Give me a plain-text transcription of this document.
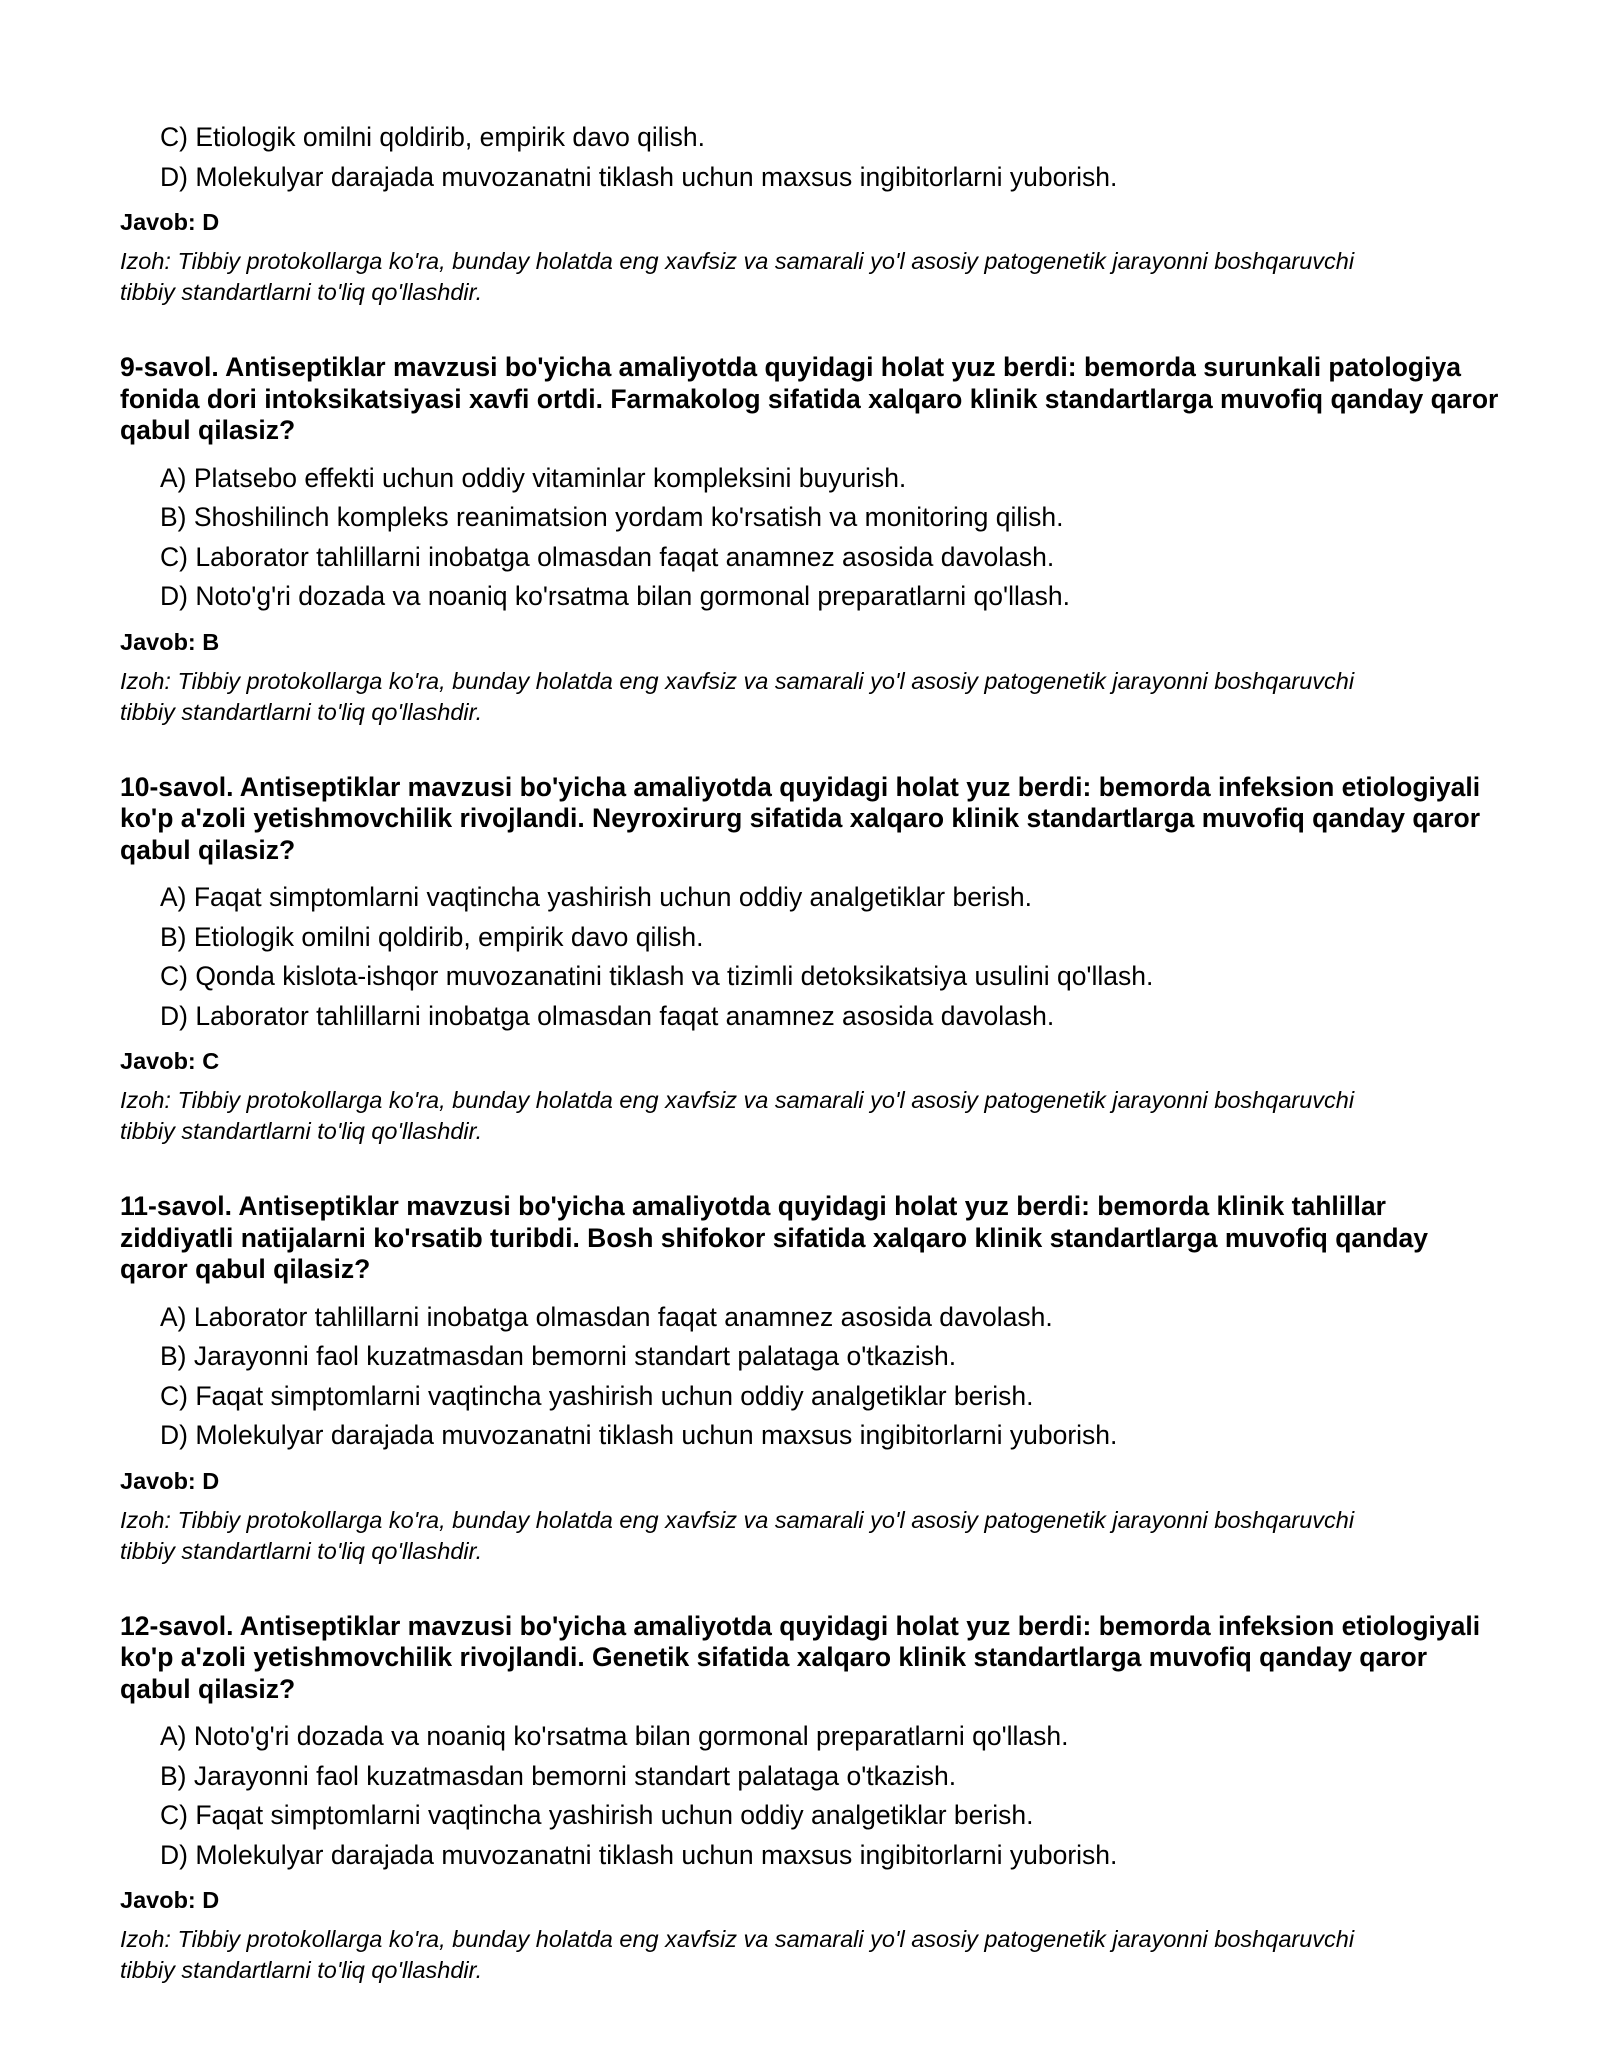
C) Etiologik omilni qoldirib, empirik davo qilish.
D) Molekulyar darajada muvozanatni tiklash uchun maxsus ingibitorlarni yuborish.
Javob: D
Izoh: Tibbiy protokollarga ko'ra, bunday holatda eng xavfsiz va samarali yo'l asosiy patogenetik jarayonni boshqaruvchi tibbiy standartlarni to'liq qo'llashdir.
9-savol. Antiseptiklar mavzusi bo'yicha amaliyotda quyidagi holat yuz berdi: bemorda surunkali patologiya fonida dori intoksikatsiyasi xavfi ortdi. Farmakolog sifatida xalqaro klinik standartlarga muvofiq qanday qaror qabul qilasiz?
A) Platsebo effekti uchun oddiy vitaminlar kompleksini buyurish.
B) Shoshilinch kompleks reanimatsion yordam ko'rsatish va monitoring qilish.
C) Laborator tahlillarni inobatga olmasdan faqat anamnez asosida davolash.
D) Noto'g'ri dozada va noaniq ko'rsatma bilan gormonal preparatlarni qo'llash.
Javob: B
Izoh: Tibbiy protokollarga ko'ra, bunday holatda eng xavfsiz va samarali yo'l asosiy patogenetik jarayonni boshqaruvchi tibbiy standartlarni to'liq qo'llashdir.
10-savol. Antiseptiklar mavzusi bo'yicha amaliyotda quyidagi holat yuz berdi: bemorda infeksion etiologiyali ko'p a'zoli yetishmovchilik rivojlandi. Neyroxirurg sifatida xalqaro klinik standartlarga muvofiq qanday qaror qabul qilasiz?
A) Faqat simptomlarni vaqtincha yashirish uchun oddiy analgetiklar berish.
B) Etiologik omilni qoldirib, empirik davo qilish.
C) Qonda kislota-ishqor muvozanatini tiklash va tizimli detoksikatsiya usulini qo'llash.
D) Laborator tahlillarni inobatga olmasdan faqat anamnez asosida davolash.
Javob: C
Izoh: Tibbiy protokollarga ko'ra, bunday holatda eng xavfsiz va samarali yo'l asosiy patogenetik jarayonni boshqaruvchi tibbiy standartlarni to'liq qo'llashdir.
11-savol. Antiseptiklar mavzusi bo'yicha amaliyotda quyidagi holat yuz berdi: bemorda klinik tahlillar ziddiyatli natijalarni ko'rsatib turibdi. Bosh shifokor sifatida xalqaro klinik standartlarga muvofiq qanday qaror qabul qilasiz?
A) Laborator tahlillarni inobatga olmasdan faqat anamnez asosida davolash.
B) Jarayonni faol kuzatmasdan bemorni standart palataga o'tkazish.
C) Faqat simptomlarni vaqtincha yashirish uchun oddiy analgetiklar berish.
D) Molekulyar darajada muvozanatni tiklash uchun maxsus ingibitorlarni yuborish.
Javob: D
Izoh: Tibbiy protokollarga ko'ra, bunday holatda eng xavfsiz va samarali yo'l asosiy patogenetik jarayonni boshqaruvchi tibbiy standartlarni to'liq qo'llashdir.
12-savol. Antiseptiklar mavzusi bo'yicha amaliyotda quyidagi holat yuz berdi: bemorda infeksion etiologiyali ko'p a'zoli yetishmovchilik rivojlandi. Genetik sifatida xalqaro klinik standartlarga muvofiq qanday qaror qabul qilasiz?
A) Noto'g'ri dozada va noaniq ko'rsatma bilan gormonal preparatlarni qo'llash.
B) Jarayonni faol kuzatmasdan bemorni standart palataga o'tkazish.
C) Faqat simptomlarni vaqtincha yashirish uchun oddiy analgetiklar berish.
D) Molekulyar darajada muvozanatni tiklash uchun maxsus ingibitorlarni yuborish.
Javob: D
Izoh: Tibbiy protokollarga ko'ra, bunday holatda eng xavfsiz va samarali yo'l asosiy patogenetik jarayonni boshqaruvchi tibbiy standartlarni to'liq qo'llashdir.
